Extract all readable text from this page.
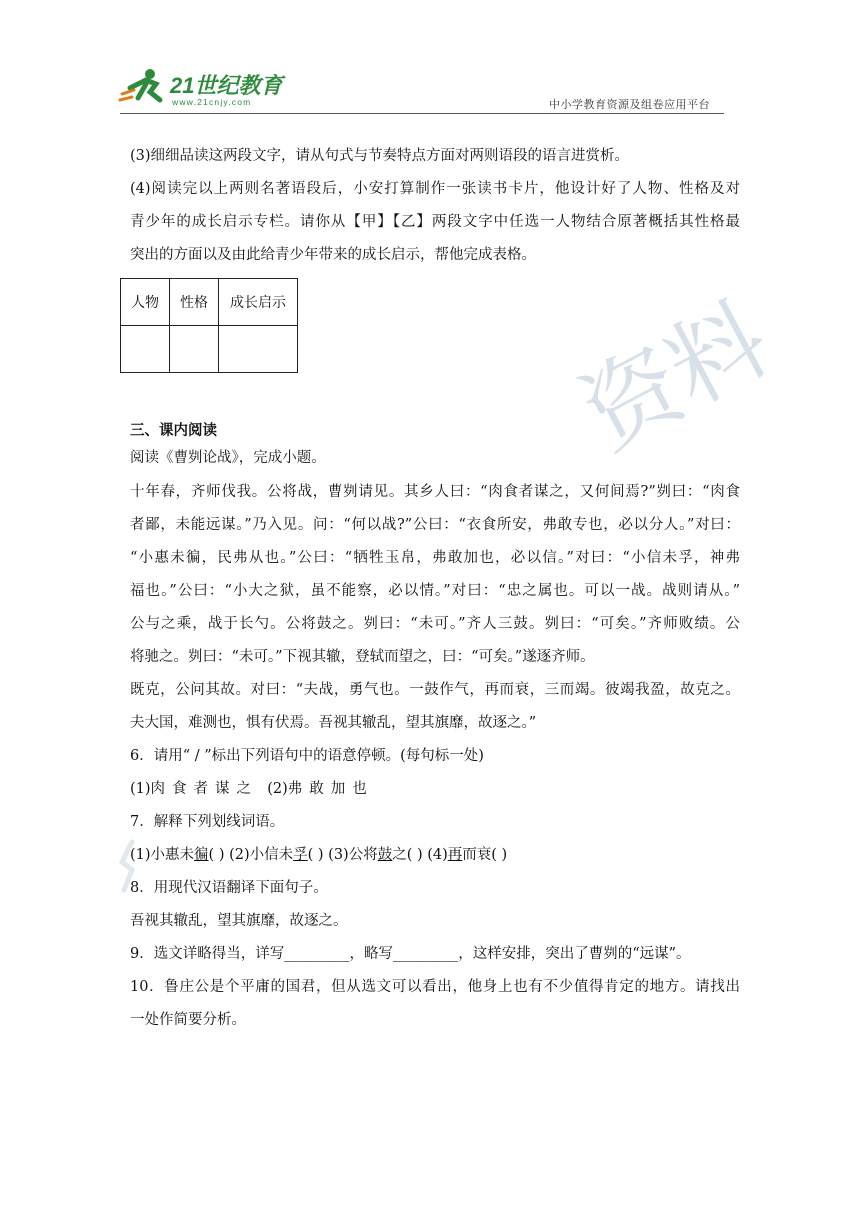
21世纪教育
www.21cnjy.com	中小学教育资源及组卷应用平台
资料

(3)细细品读这两段文字，请从句式与节奏特点方面对两则语段的语言进赏析。

(4)阅读完以上两则名著语段后，小安打算制作一张读书卡片，他设计好了人物、性格及对

青少年的成长启示专栏。请你从【甲】【乙】两段文字中任选一人物结合原著概括其性格最

突出的方面以及由此给青少年带来的成长启示，帮他完成表格。

人物	性格	成长启示

三、课内阅读

阅读《曹刿论战》，完成小题。

十年春，齐师伐我。公将战，曹刿请见。其乡人曰：“肉食者谋之，又何间焉?”刿曰：“肉食

者鄙，未能远谋。”乃入见。问：“何以战?”公曰：“衣食所安，弗敢专也，必以分人。”对曰：

“小惠未徧，民弗从也。”公曰：“牺牲玉帛，弗敢加也，必以信。”对曰：“小信未孚，神弗

福也。”公曰：“小大之狱，虽不能察，必以情。”对曰：“忠之属也。可以一战。战则请从。”

公与之乘，战于长勺。公将鼓之。刿曰：“未可。”齐人三鼓。刿曰：“可矣。”齐师败绩。公

将驰之。刿曰：“未可。”下视其辙，登轼而望之，曰：“可矣。”遂逐齐师。

既克，公问其故。对曰：“夫战，勇气也。一鼓作气，再而衰，三而竭。彼竭我盈，故克之。

夫大国，难测也，惧有伏焉。吾视其辙乱，望其旗靡，故逐之。”

6．请用“ / ”标出下列语句中的语意停顿。(每句标一处)

(1)肉食者谋之 (2)弗敢加也

7．解释下列划线词语。

(1)小惠未徧( ) (2)小信未孚( ) (3)公将鼓之( ) (4)再而衰( )

8．用现代汉语翻译下面句子。

吾视其辙乱，望其旗靡，故逐之。

9．选文详略得当，详写_________，略写_________，这样安排，突出了曹刿的“远谋”。

10．鲁庄公是个平庸的国君，但从选文可以看出，他身上也有不少值得肯定的地方。请找出

一处作简要分析。
